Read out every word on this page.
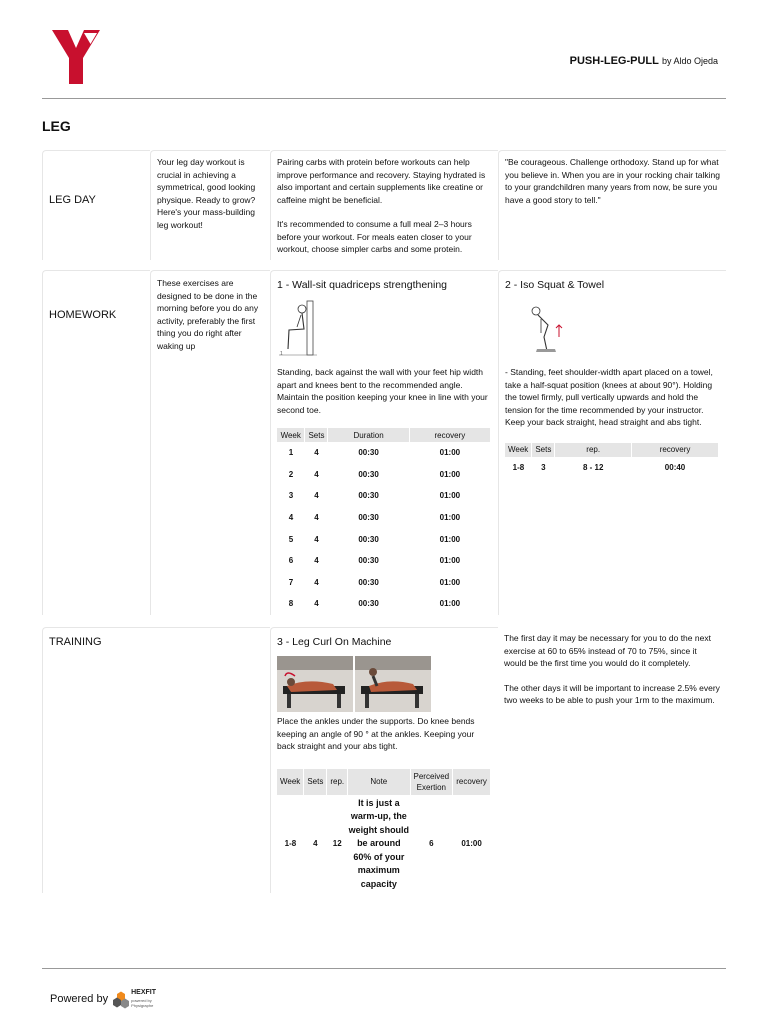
PUSH-LEG-PULL by Aldo Ojeda
LEG
LEG DAY
Your leg day workout is crucial in achieving a symmetrical, good looking physique. Ready to grow? Here's your mass-building leg workout!

Pairing carbs with protein before workouts can help improve performance and recovery. Staying hydrated is also important and certain supplements like creatine or caffeine might be beneficial.

It's recommended to consume a full meal 2–3 hours before your workout. For meals eaten closer to your workout, choose simpler carbs and some protein.

"Be courageous. Challenge orthodoxy. Stand up for what you believe in. When you are in your rocking chair talking to your grandchildren many years from now, be sure you have a good story to tell."
HOMEWORK
These exercises are designed to be done in the morning before you do any activity, preferably the first thing you do right after waking up
1 - Wall-sit quadriceps strengthening
1

Standing, back against the wall with your feet hip width apart and knees bent to the recommended angle. Maintain the position keeping your knee in line with your second toe.

Week	Sets	Duration	recovery
1	4	00:30	01:00
2	4	00:30	01:00
3	4	00:30	01:00
4	4	00:30	01:00
5	4	00:30	01:00
6	4	00:30	01:00
7	4	00:30	01:00
8	4	00:30	01:00
2 - Iso Squat & Towel

- Standing, feet shoulder-width apart placed on a towel, take a half-squat position (knees at about 90°). Holding the towel firmly, pull vertically upwards and hold the tension for the time recommended by your instructor. Keep your back straight, head straight and abs tight.

Week	Sets	rep.	recovery
1-8	3	8 - 12	00:40
TRAINING	3 - Leg Curl On Machine

Place the ankles under the supports. Do knee bends keeping an angle of 90 ° at the ankles. Keeping your back straight and your abs tight.

Week	Sets	rep.	Note	Perceived Exertion	recovery
1-8	4	12	It is just a warm-up, the weight should be around 60% of your maximum capacity	6	01:00

The first day it may be necessary for you to do the next exercise at 60 to 65% instead of 70 to 75%, since it would be the first time you would do it completely.

The other days it will be important to increase 2.5% every two weeks to be able to push your 1rm to the maximum.

Powered by
HEXFIT
powered by Physigraphe
